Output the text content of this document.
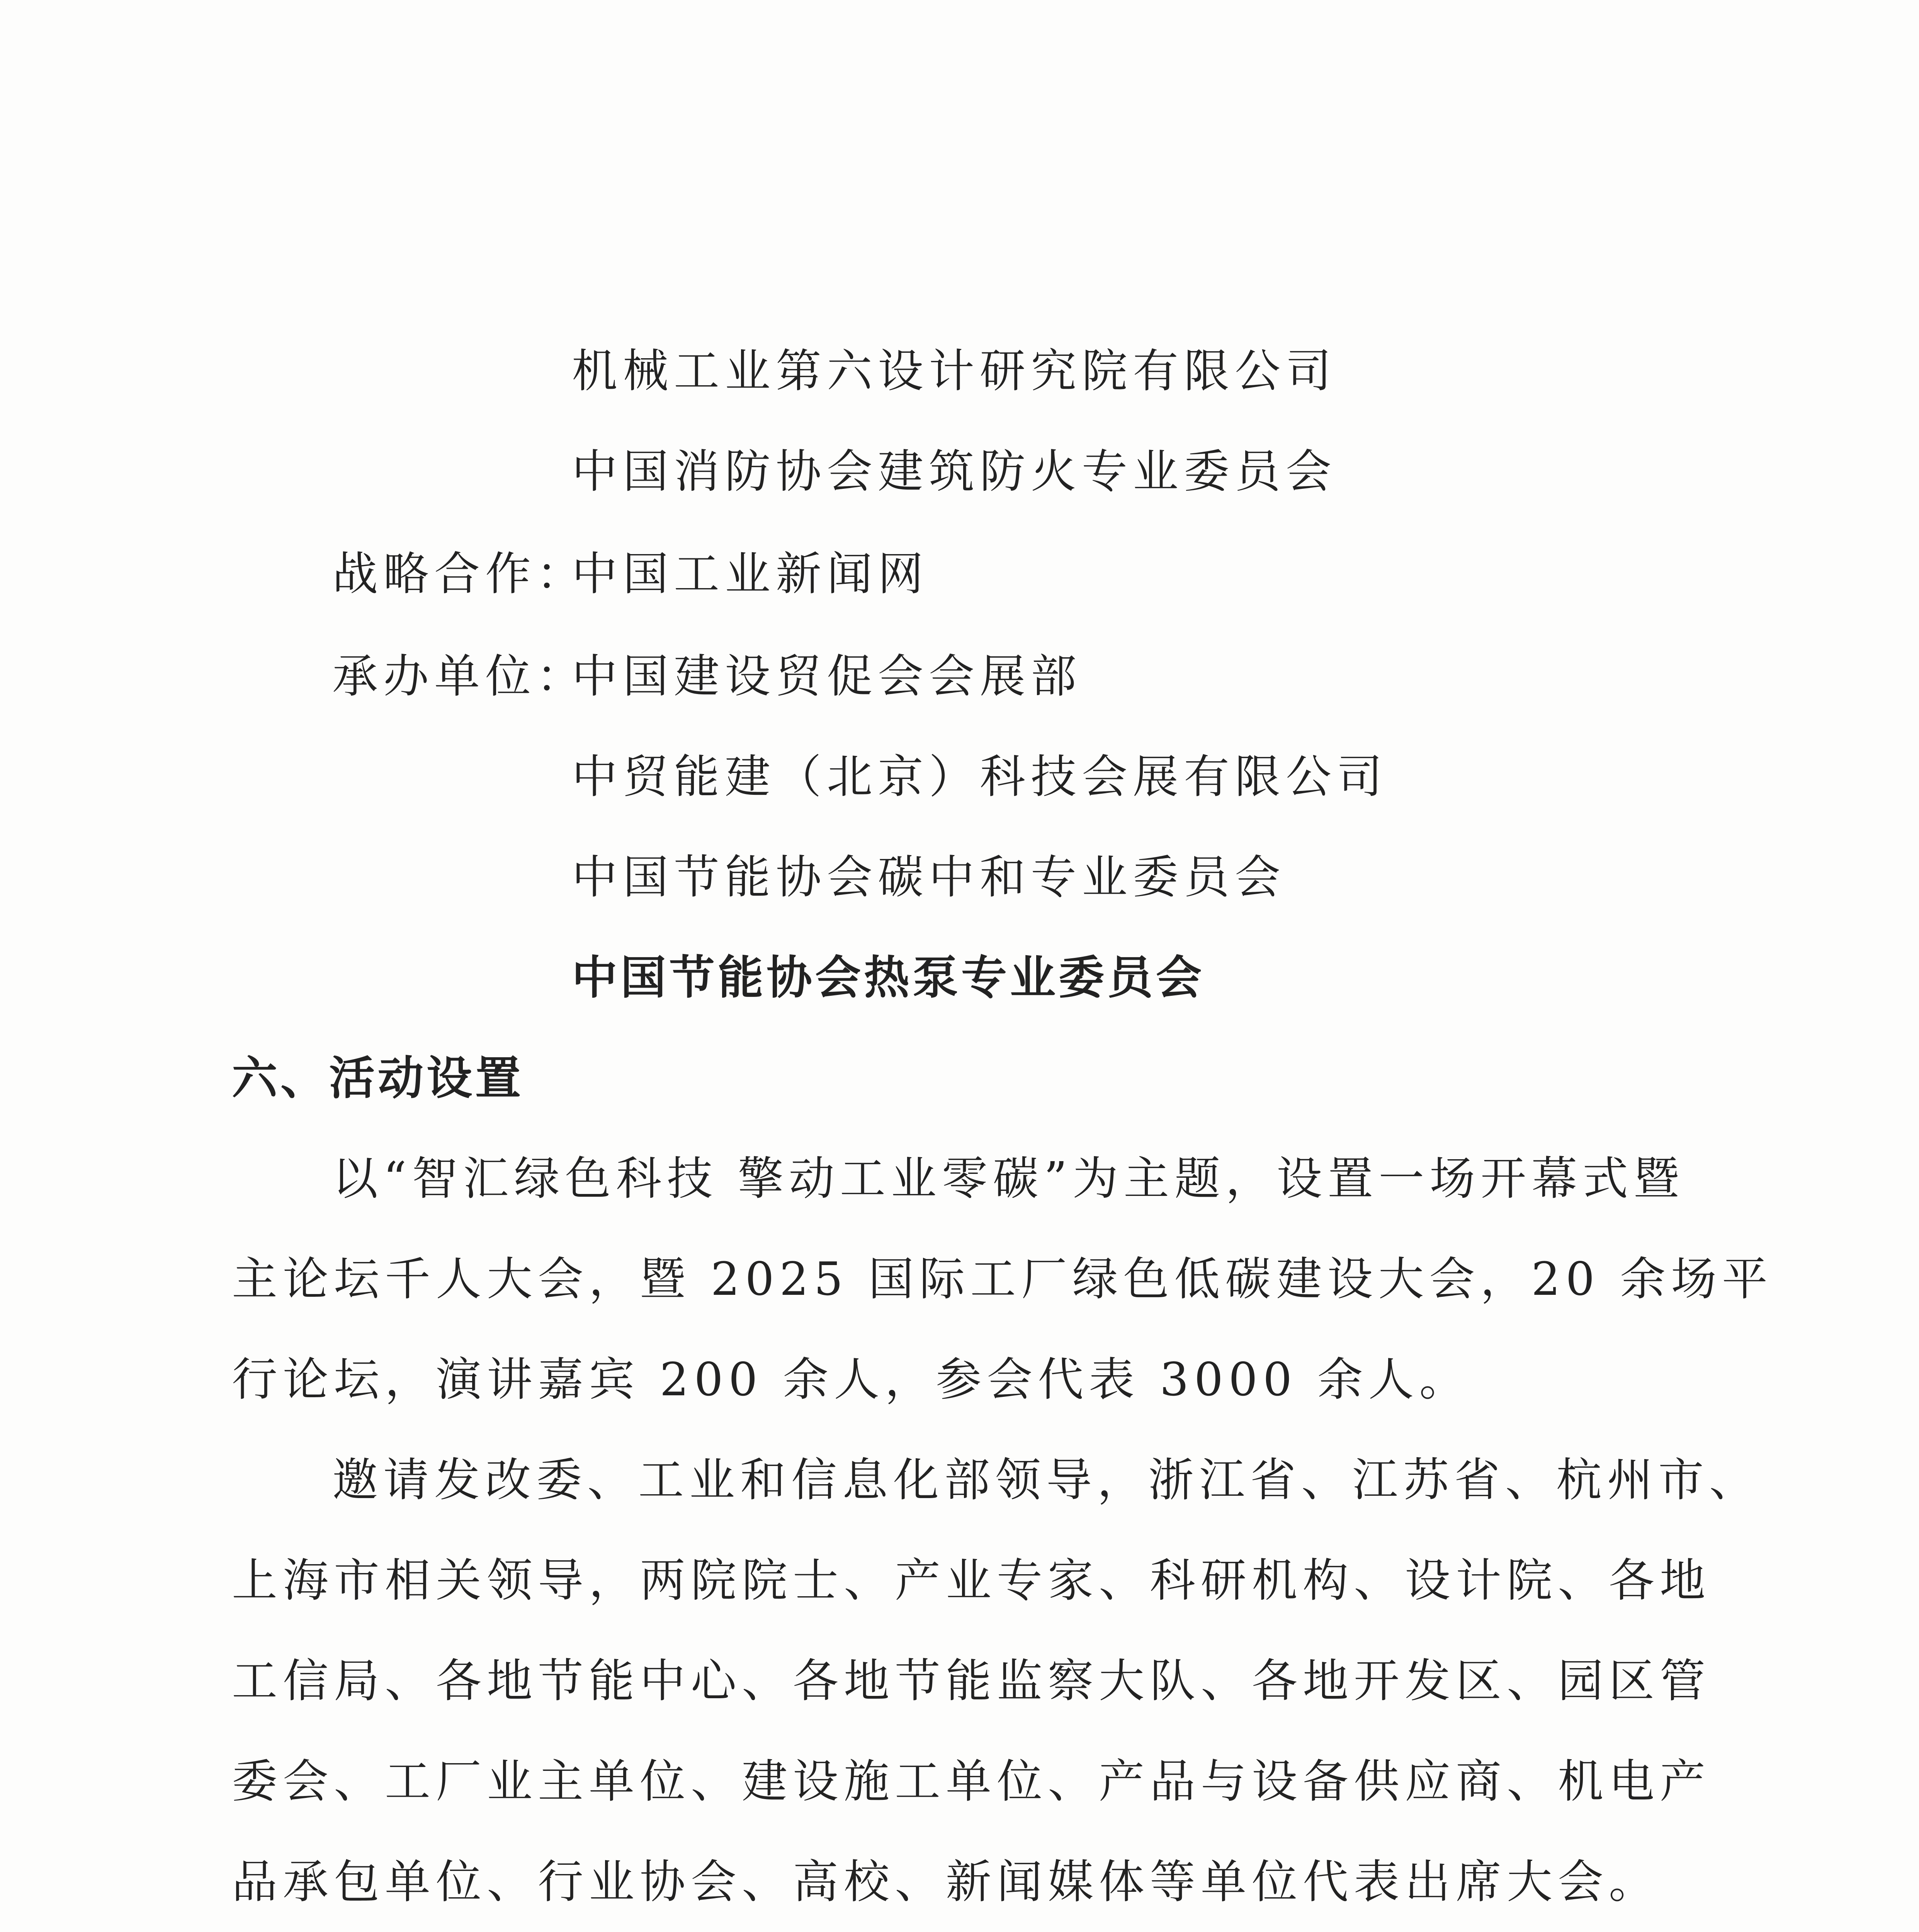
机械工业第六设计研究院有限公司
中国消防协会建筑防火专业委员会
战略合作：
中国工业新闻网
承办单位：
中国建设贸促会会展部
中贸能建（北京）科技会展有限公司
中国节能协会碳中和专业委员会
中国节能协会热泵专业委员会
六、活动设置
以“智汇绿色科技 擎动工业零碳”为主题，设置一场开幕式暨
主论坛千人大会，暨 2025 国际工厂绿色低碳建设大会，20 余场平
行论坛，演讲嘉宾 200 余人，参会代表 3000 余人。
邀请发改委、工业和信息化部领导，浙江省、江苏省、杭州市、
上海市相关领导，两院院士、产业专家、科研机构、设计院、各地
工信局、各地节能中心、各地节能监察大队、各地开发区、园区管
委会、工厂业主单位、建设施工单位、产品与设备供应商、机电产
品承包单位、行业协会、高校、新闻媒体等单位代表出席大会。
